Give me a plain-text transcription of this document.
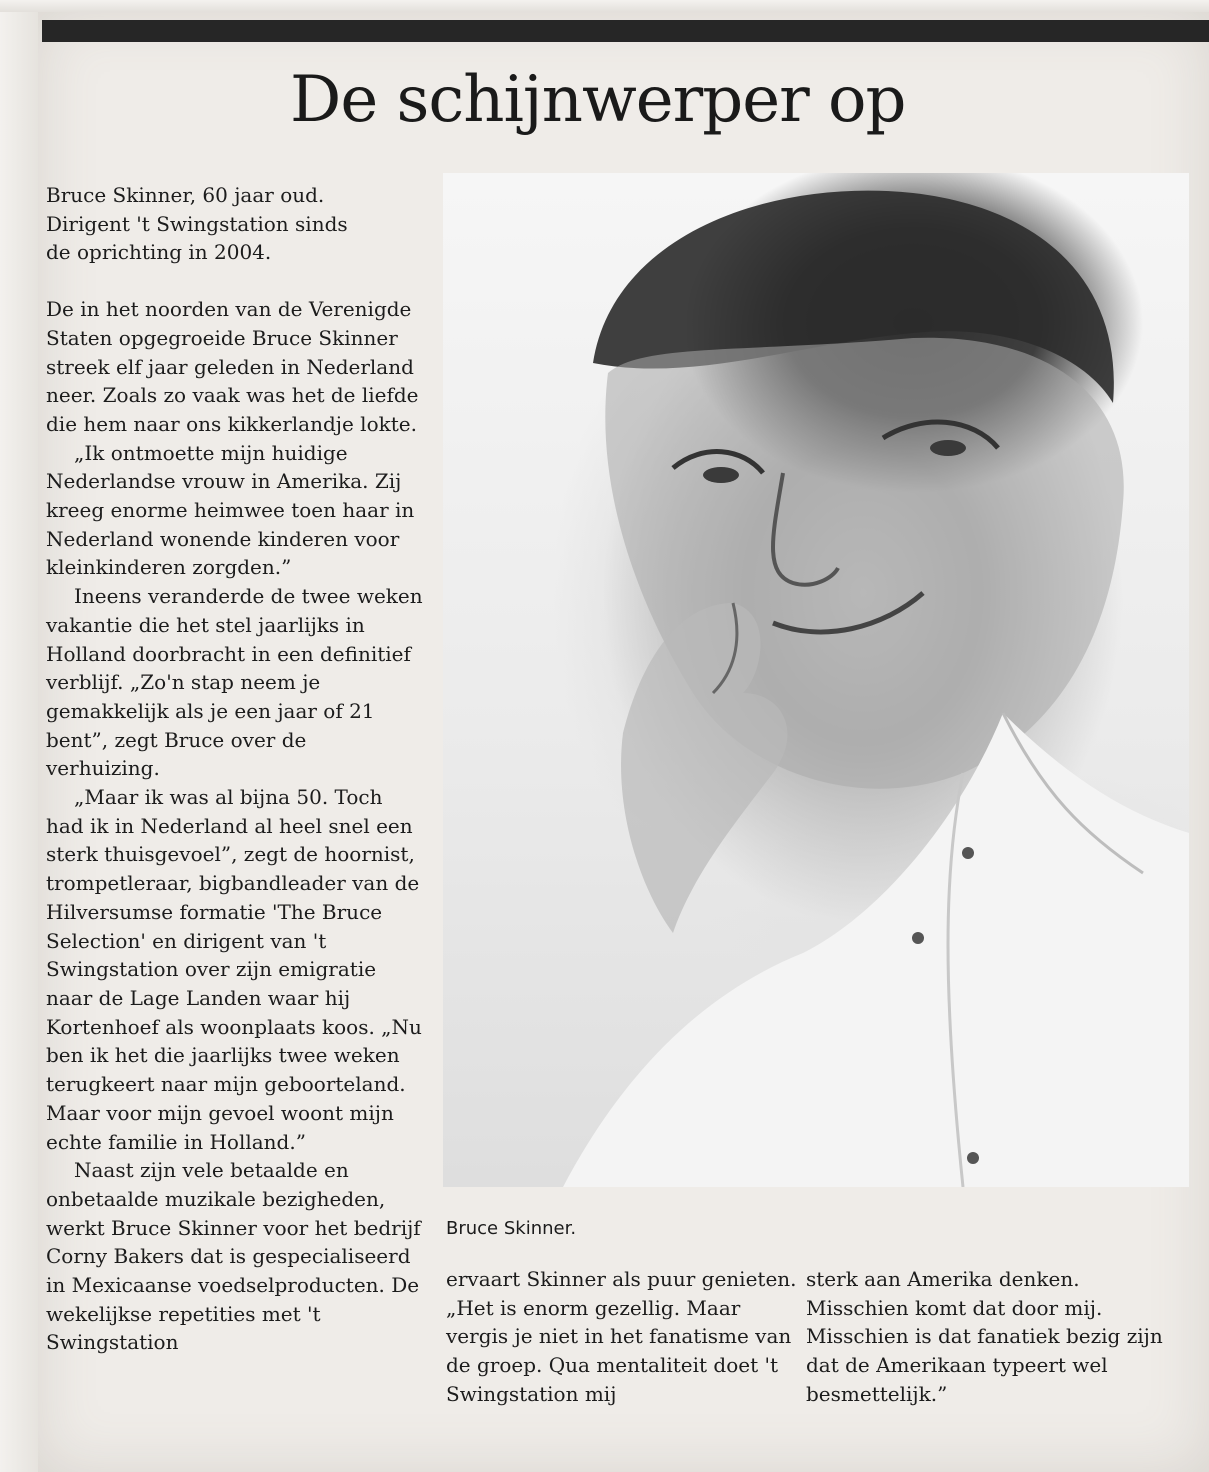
De schijnwerper op

Bruce Skinner, 60 jaar oud.
Dirigent 't Swingstation sinds
de oprichting in 2004.

De in het noorden van de Verenigde Staten opgegroeide Bruce Skinner streek elf jaar geleden in Nederland neer. Zoals zo vaak was het de liefde die hem naar ons kikkerlandje lokte.

„Ik ontmoette mijn huidige Nederlandse vrouw in Amerika. Zij kreeg enorme heimwee toen haar in Nederland wonende kinderen voor kleinkinderen zorgden.”

Ineens veranderde de twee weken vakantie die het stel jaarlijks in Holland doorbracht in een definitief verblijf. „Zo'n stap neem je gemakkelijk als je een jaar of 21 bent”, zegt Bruce over de verhuizing.

„Maar ik was al bijna 50. Toch had ik in Nederland al heel snel een sterk thuisgevoel”, zegt de hoornist, trompetleraar, bigbandleader van de Hilversumse formatie 'The Bruce Selection' en dirigent van 't Swingstation over zijn emigratie naar de Lage Landen waar hij Kortenhoef als woonplaats koos. „Nu ben ik het die jaarlijks twee weken terugkeert naar mijn geboorteland. Maar voor mijn gevoel woont mijn echte familie in Holland.”

Naast zijn vele betaalde en onbetaalde muzikale bezigheden, werkt Bruce Skinner voor het bedrijf Corny Bakers dat is gespecialiseerd in Mexicaanse voedselproducten. De wekelijkse repetities met 't Swingstation

Bruce Skinner.

ervaart Skinner als puur genieten. „Het is enorm gezellig. Maar vergis je niet in het fanatisme van de groep. Qua mentaliteit doet 't Swingstation mij

sterk aan Amerika denken. Misschien komt dat door mij. Misschien is dat fanatiek bezig zijn dat de Amerikaan typeert wel besmettelijk.”
